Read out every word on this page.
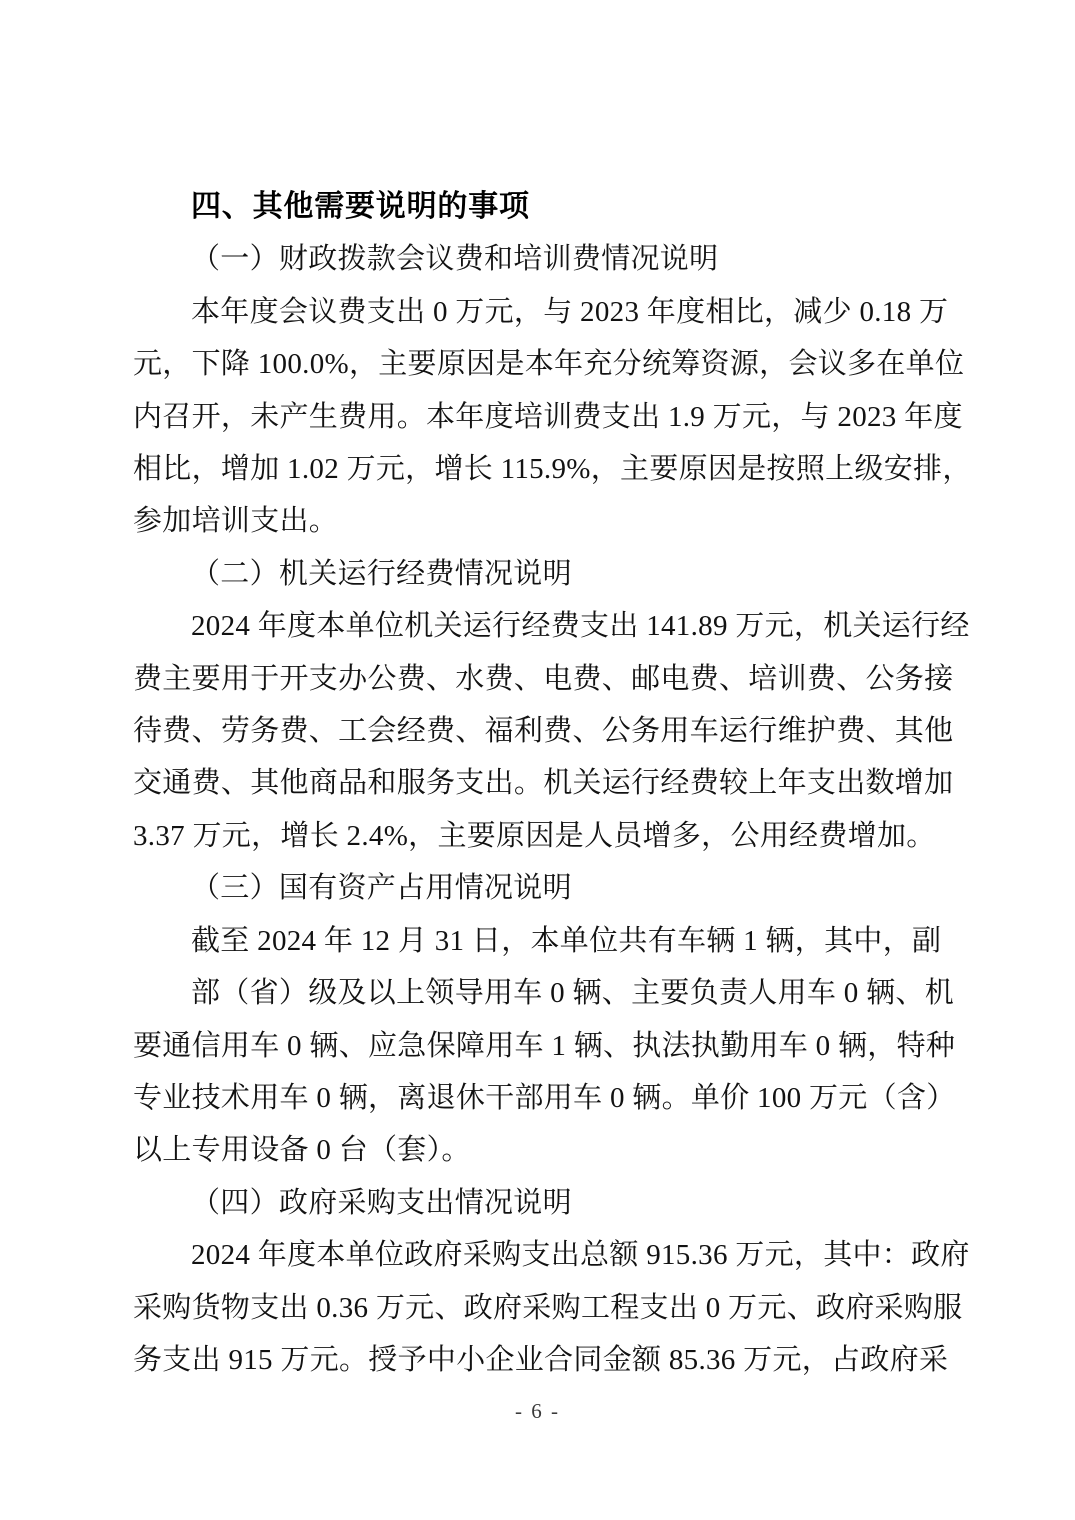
四、其他需要说明的事项
（一）财政拨款会议费和培训费情况说明
本年度会议费支出 0 万元，与 2023 年度相比，减少 0.18 万
元，下降 100.0%，主要原因是本年充分统筹资源，会议多在单位
内召开，未产生费用。本年度培训费支出 1.9 万元，与 2023 年度
相比，增加 1.02 万元，增长 115.9%，主要原因是按照上级安排，
参加培训支出。
（二）机关运行经费情况说明
2024 年度本单位机关运行经费支出 141.89 万元，机关运行经
费主要用于开支办公费、水费、电费、邮电费、培训费、公务接
待费、劳务费、工会经费、福利费、公务用车运行维护费、其他
交通费、其他商品和服务支出。机关运行经费较上年支出数增加
3.37 万元，增长 2.4%，主要原因是人员增多，公用经费增加。
（三）国有资产占用情况说明
截至 2024 年 12 月 31 日，本单位共有车辆 1 辆，其中，副
部（省）级及以上领导用车 0 辆、主要负责人用车 0 辆、机
要通信用车 0 辆、应急保障用车 1 辆、执法执勤用车 0 辆，特种
专业技术用车 0 辆，离退休干部用车 0 辆。单价 100 万元（含）
以上专用设备 0 台（套）。
（四）政府采购支出情况说明
2024 年度本单位政府采购支出总额 915.36 万元，其中：政府
采购货物支出 0.36 万元、政府采购工程支出 0 万元、政府采购服
务支出 915 万元。授予中小企业合同金额 85.36 万元，占政府采
- 6 -
